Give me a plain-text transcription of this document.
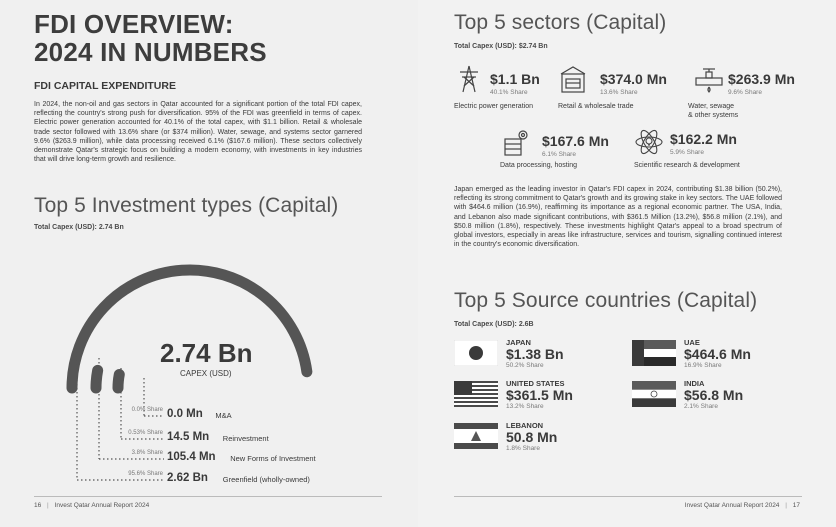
FDI OVERVIEW:
2024 IN NUMBERS
FDI CAPITAL EXPENDITURE
In 2024, the non-oil and gas sectors in Qatar accounted for a significant portion of the total FDI capex, reflecting the country's strong push for diversification. 95% of the FDI was greenfield in terms of capex. Electric power generation accounted for 40.1% of the total capex, with $1.1 billion. Retail & wholesale trade sector followed with 13.6% share (or $374 million). Water, sewage, and systems sector garnered 9.6% ($263.9 million), while data processing received 6.1% ($167.6 million). These sectors collectively demonstrate Qatar's strategic focus on building a modern economy, with investments in key industries that will drive long-term growth and resilience.
Top 5 Investment types (Capital)
Total Capex (USD): 2.74 Bn
2.74 Bn
CAPEX (USD)
0.0% Share 0.0 Mn M&A
0.53% Share 14.5 Mn Reinvestment
3.8% Share 105.4 Mn New Forms of Investment
95.6% Share 2.62 Bn Greenfield (wholly-owned)
16 | Invest Qatar Annual Report 2024
Top 5 sectors (Capital)
Total Capex (USD): $2.74 Bn
$1.1 Bn
40.1% Share
Electric power generation
$374.0 Mn
13.6% Share
Retail & wholesale trade
$263.9 Mn
9.6% Share
Water, sewage
& other systems
$167.6 Mn
6.1% Share
Data processing, hosting
$162.2 Mn
5.9% Share
Scientific research & development
Japan emerged as the leading investor in Qatar's FDI capex in 2024, contributing $1.38 billion (50.2%), reflecting its strong commitment to Qatar's growth and its growing stake in key sectors. The UAE followed with $464.6 million (16.9%), reaffirming its importance as a regional economic partner. The USA, India, and Lebanon also made significant contributions, with $361.5 Million (13.2%), $56.8 million (2.1%), and $50.8 million (1.8%), respectively. These investments highlight Qatar's appeal to a broad spectrum of global investors, especially in areas like infrastructure, services and tourism, signalling continued interest in the country's economic diversification.
Top 5 Source countries (Capital)
Total Capex (USD): 2.6B
JAPAN
$1.38 Bn
50.2% Share
UAE
$464.6 Mn
16.9% Share
UNITED STATES
$361.5 Mn
13.2% Share
INDIA
$56.8 Mn
2.1% Share
LEBANON
50.8 Mn
1.8% Share
Invest Qatar Annual Report 2024 | 17
